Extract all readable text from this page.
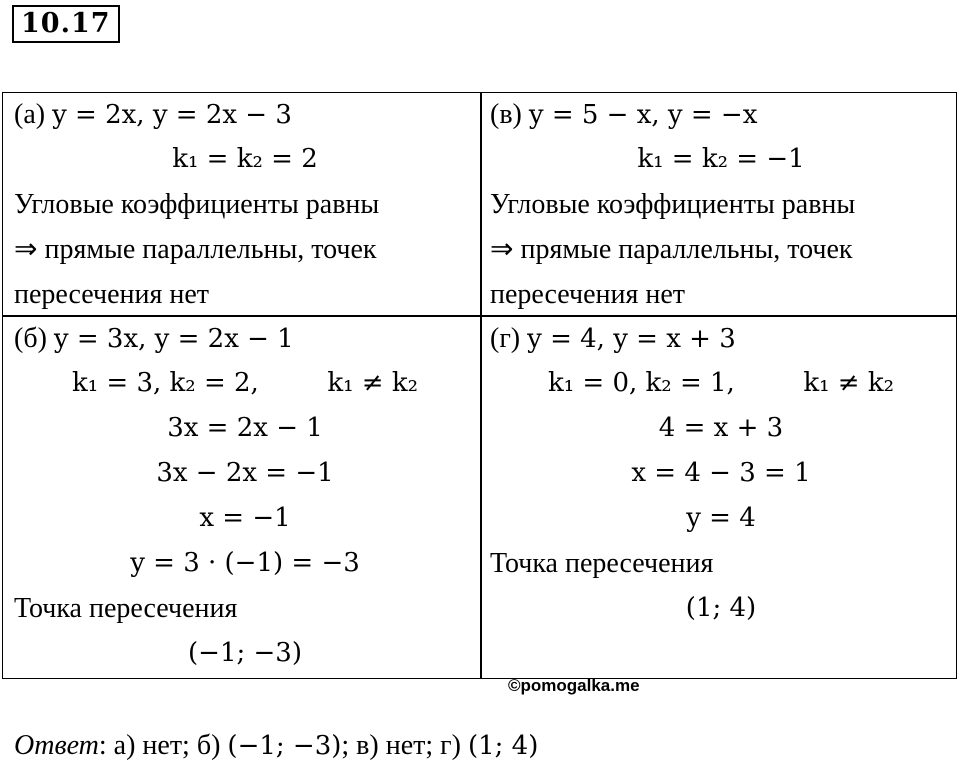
10.17
(а) y = 2x, y = 2x − 3
k₁ = k₂ = 2
Угловые коэффициенты равны
⇒ прямые параллельны, точек
пересечения нет
(в) y = 5 − x, y = −x
k₁ = k₂ = −1
Угловые коэффициенты равны
⇒ прямые параллельны, точек
пересечения нет
(б) y = 3x, y = 2x − 1
k₁ = 3, k₂ = 2,	k₁ ≠ k₂
3x = 2x − 1
3x − 2x = −1
x = −1
y = 3 · (−1) = −3
Точка пересечения
(−1; −3)
(г) y = 4, y = x + 3
k₁ = 0, k₂ = 1,	k₁ ≠ k₂
4 = x + 3
x = 4 − 3 = 1
y = 4
Точка пересечения
(1; 4)
©pomogalka.me
Ответ: а) нет; б) (−1; −3); в) нет; г) (1; 4)
